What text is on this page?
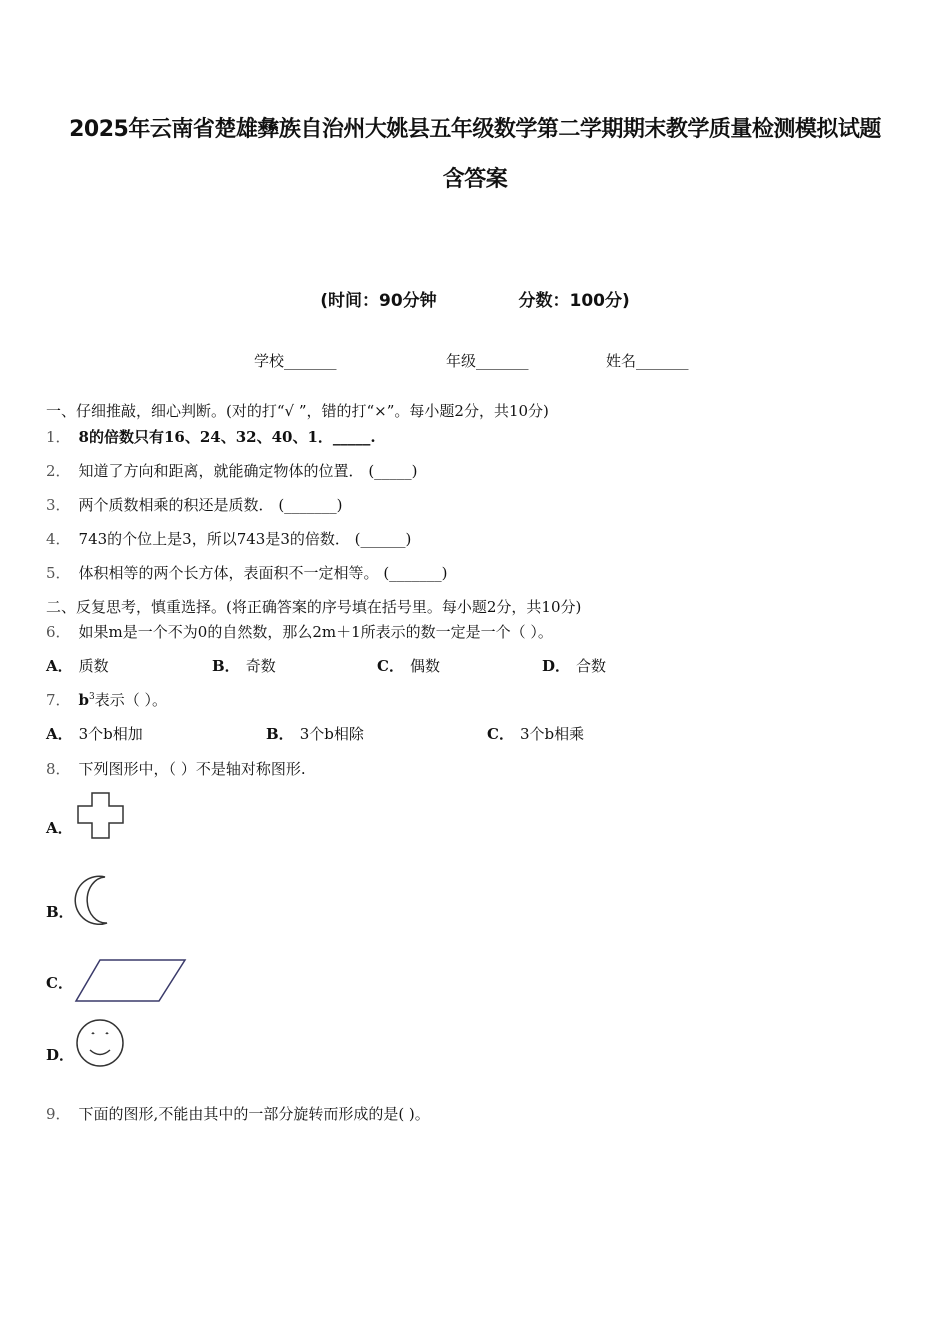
2025年云南省楚雄彝族自治州大姚县五年级数学第二学期期末教学质量检测模拟试题
含答案
(时间：90分钟	分数：100分)
学校_______	年级_______	姓名_______
一、仔细推敲，细心判断。(对的打“√ ”，错的打“×”。每小题2分，共10分)
1． 8的倍数只有16、24、32、40、1．_____.
2． 知道了方向和距离，就能确定物体的位置． (_____)
3． 两个质数相乘的积还是质数． (_______)
4． 743的个位上是3，所以743是3的倍数． (______)
5． 体积相等的两个长方体，表面积不一定相等。 (_______)
二、反复思考，慎重选择。(将正确答案的序号填在括号里。每小题2分，共10分)
6． 如果m是一个不为0的自然数，那么2m＋1所表示的数一定是一个（ ）。
A． 质数	B． 奇数	C． 偶数	D． 合数
7． $b^3$表示（ ）。
A． 3个b相加	B． 3个b相除	C． 3个b相乘
8． 下列图形中，（ ）不是轴对称图形.
A．
B．
C．
D．
9． 下面的图形,不能由其中的一部分旋转而形成的是( )。
